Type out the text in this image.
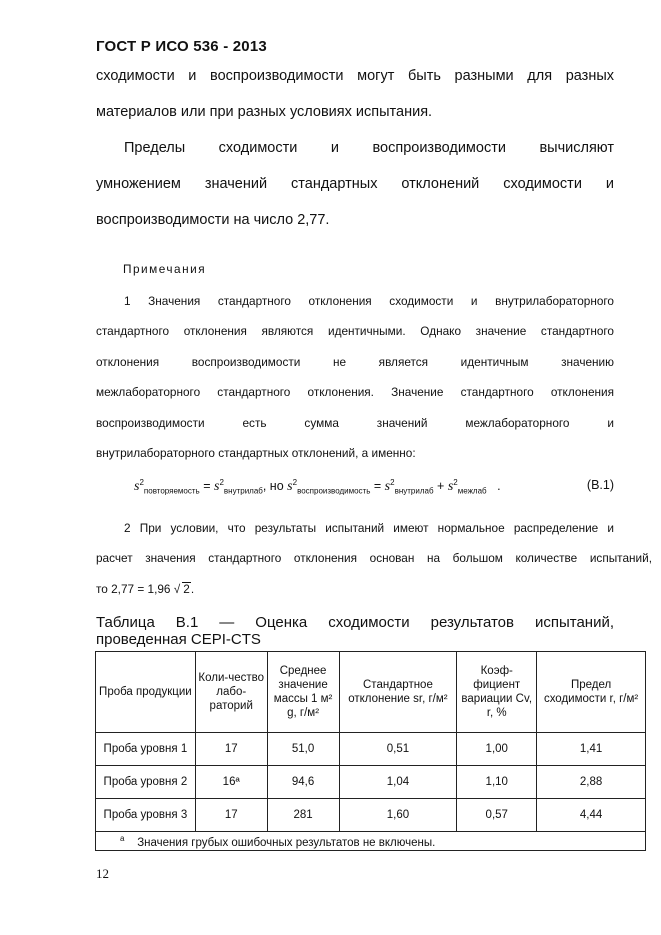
ГОСТ Р ИСО 536 - 2013
сходимости и воспроизводимости могут быть разными для разных
материалов или при разных условиях испытания.
Пределы сходимости и воспроизводимости вычисляют
умножением значений стандартных отклонений сходимости и
воспроизводимости на число 2,77.
Примечания
1 Значения стандартного отклонения сходимости и внутрилабораторного
стандартного отклонения являются идентичными. Однако значение стандартного
отклонения воспроизводимости не является идентичным значению
межлабораторного стандартного отклонения. Значение стандартного отклонения
воспроизводимости есть сумма значений межлабораторного и
внутрилабораторного стандартных отклонений, а именно:
$s^2_{повторяемость} = s^2_{внутрилаб}$, но $s^2_{воспроизводимость} = s^2_{внутрилаб} + s^2_{межлаб}$ .	(B.1)
2 При условии, что результаты испытаний имеют нормальное распределение и
расчет значения стандартного отклонения основан на большом количестве испытаний,
то 2,77 = 1,96 √ 2.
Таблица В.1 — Оценка сходимости результатов испытаний,
проведенная CEPI-CTS
Проба продукции	Коли-чество лабо-раторий	Среднее значение массы 1 м² g, г/м²	Стандартное отклонение sr, г/м²	Коэф-фициент вариации Cv, r, %	Предел сходимости r, г/м²
Проба уровня 1	17	51,0	0,51	1,00	1,41
Проба уровня 2	16ª	94,6	1,04	1,10	2,88
Проба уровня 3	17	281	1,60	0,57	4,44
$^a$ Значения грубых ошибочных результатов не включены.					
12
